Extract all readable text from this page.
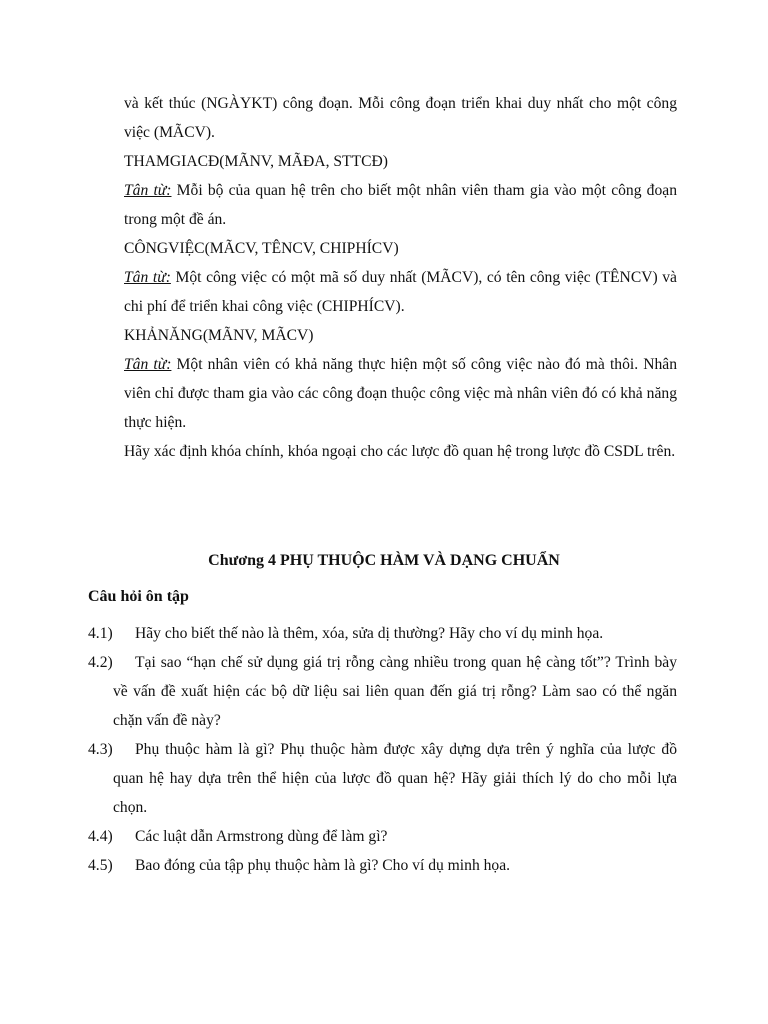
và kết thúc (NGÀYKT) công đoạn. Mỗi công đoạn triển khai duy nhất cho một công việc (MÃCV).

THAMGIACĐ(MÃNV, MÃĐA, STTCĐ)

Tân từ: Mỗi bộ của quan hệ trên cho biết một nhân viên tham gia vào một công đoạn trong một đề án.

CÔNGVIỆC(MÃCV, TÊNCV, CHIPHÍCV)

Tân từ: Một công việc có một mã số duy nhất (MÃCV), có tên công việc (TÊNCV) và chi phí để triển khai công việc (CHIPHÍCV).

KHẢNĂNG(MÃNV, MÃCV)

Tân từ: Một nhân viên có khả năng thực hiện một số công việc nào đó mà thôi. Nhân viên chỉ được tham gia vào các công đoạn thuộc công việc mà nhân viên đó có khả năng thực hiện.

Hãy xác định khóa chính, khóa ngoại cho các lược đồ quan hệ trong lược đồ CSDL trên.

Chương 4 PHỤ THUỘC HÀM VÀ DẠNG CHUẨN
Câu hỏi ôn tập
4.1)	Hãy cho biết thế nào là thêm, xóa, sửa dị thường? Hãy cho ví dụ minh họa.
4.2)	Tại sao “hạn chế sử dụng giá trị rỗng càng nhiều trong quan hệ càng tốt”? Trình bày về vấn đề xuất hiện các bộ dữ liệu sai liên quan đến giá trị rỗng? Làm sao có thể ngăn chặn vấn đề này?
4.3)	Phụ thuộc hàm là gì? Phụ thuộc hàm được xây dựng dựa trên ý nghĩa của lược đồ quan hệ hay dựa trên thể hiện của lược đồ quan hệ? Hãy giải thích lý do cho mỗi lựa chọn.
4.4)	Các luật dẫn Armstrong dùng để làm gì?
4.5)	Bao đóng của tập phụ thuộc hàm là gì? Cho ví dụ minh họa.
